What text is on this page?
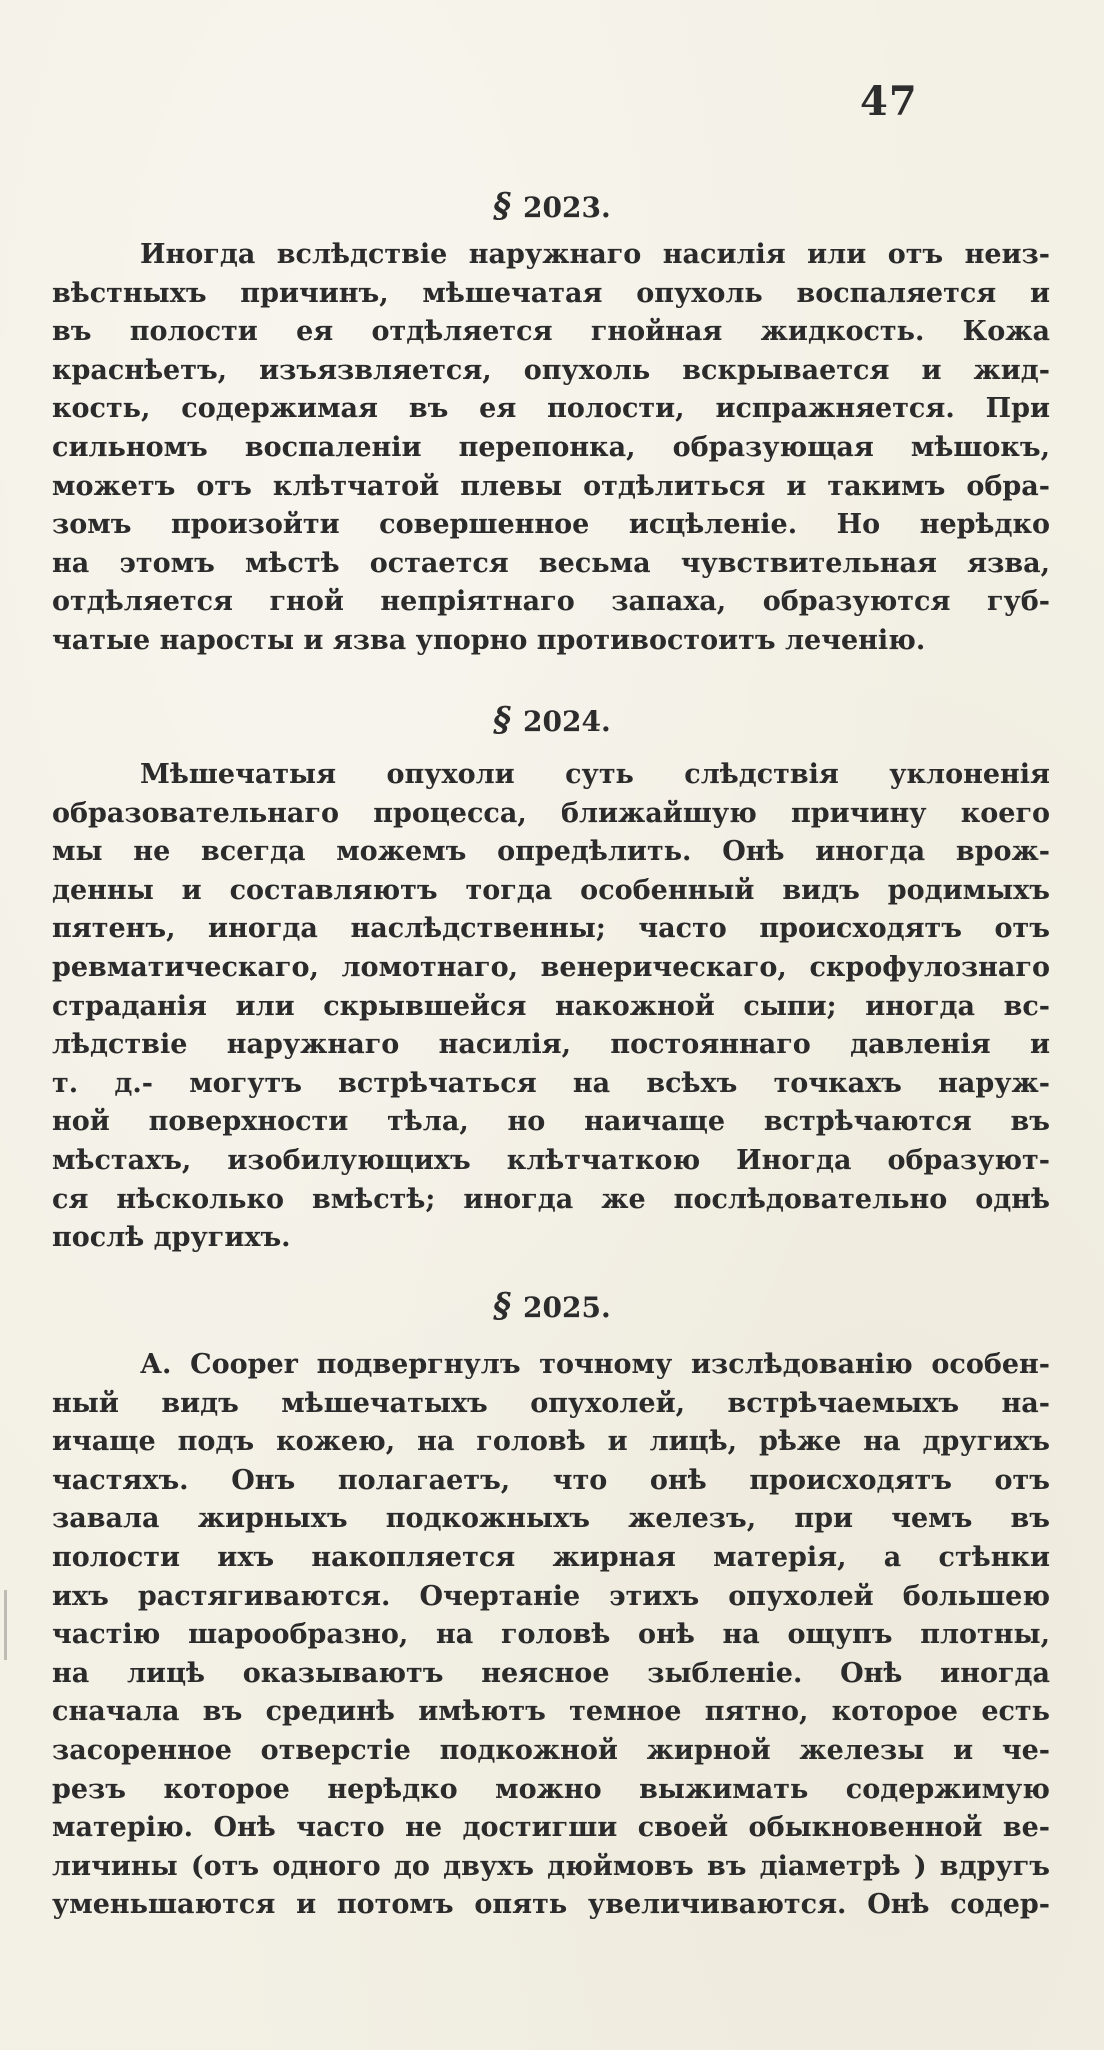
47
§ 2023.
Иногда вслѣдствіе наружнаго насилія или отъ неиз-
вѣстныхъ причинъ, мѣшечатая опухоль воспаляется и
въ полости ея отдѣляется гнойная жидкость. Кожа
краснѣетъ, изъязвляется, опухоль вскрывается и жид-
кость, содержимая въ ея полости, испражняется. При
сильномъ воспаленіи перепонка, образующая мѣшокъ,
можетъ отъ клѣтчатой плевы отдѣлиться и такимъ обра-
зомъ произойти совершенное исцѣленіе. Но нерѣдко
на этомъ мѣстѣ остается весьма чувствительная язва,
отдѣляется гной непріятнаго запаха, образуются губ-
чатые наросты и язва упорно противостоитъ леченію.
§ 2024.
Мѣшечатыя опухоли суть слѣдствія уклоненія
образовательнаго процесса, ближайшую причину коего
мы не всегда можемъ опредѣлить. Онѣ иногда врож-
денны и составляютъ тогда особенный видъ родимыхъ
пятенъ, иногда наслѣдственны; часто происходятъ отъ
ревматическаго, ломотнаго, венерическаго, скрофулознаго
страданія или скрывшейся накожной сыпи; иногда вс-
лѣдствіе наружнаго насилія, постояннаго давленія и
т. д.- могутъ встрѣчаться на всѣхъ точкахъ наруж-
ной поверхности тѣла, но наичаще встрѣчаются въ
мѣстахъ, изобилующихъ клѣтчаткою Иногда образуют-
ся нѣсколько вмѣстѣ; иногда же послѣдовательно однѣ
послѣ другихъ.
§ 2025.
А. Cooper подвергнулъ точному изслѣдованію особен-
ный видъ мѣшечатыхъ опухолей, встрѣчаемыхъ на-
ичаще подъ кожею, на головѣ и лицѣ, рѣже на другихъ
частяхъ. Онъ полагаетъ, что онѣ происходятъ отъ
завала жирныхъ подкожныхъ железъ, при чемъ въ
полости ихъ накопляется жирная матерія, а стѣнки
ихъ растягиваются. Очертаніе этихъ опухолей большею
частію шарообразно, на головѣ онѣ на ощупъ плотны,
на лицѣ оказываютъ неясное зыбленіе. Онѣ иногда
сначала въ срединѣ имѣютъ темное пятно, которое есть
засоренное отверстіе подкожной жирной железы и че-
резъ которое нерѣдко можно выжимать содержимую
матерію. Онѣ часто не достигши своей обыкновенной ве-
личины (отъ одного до двухъ дюймовъ въ діаметрѣ ) вдругъ
уменьшаются и потомъ опять увеличиваются. Онѣ содер-
